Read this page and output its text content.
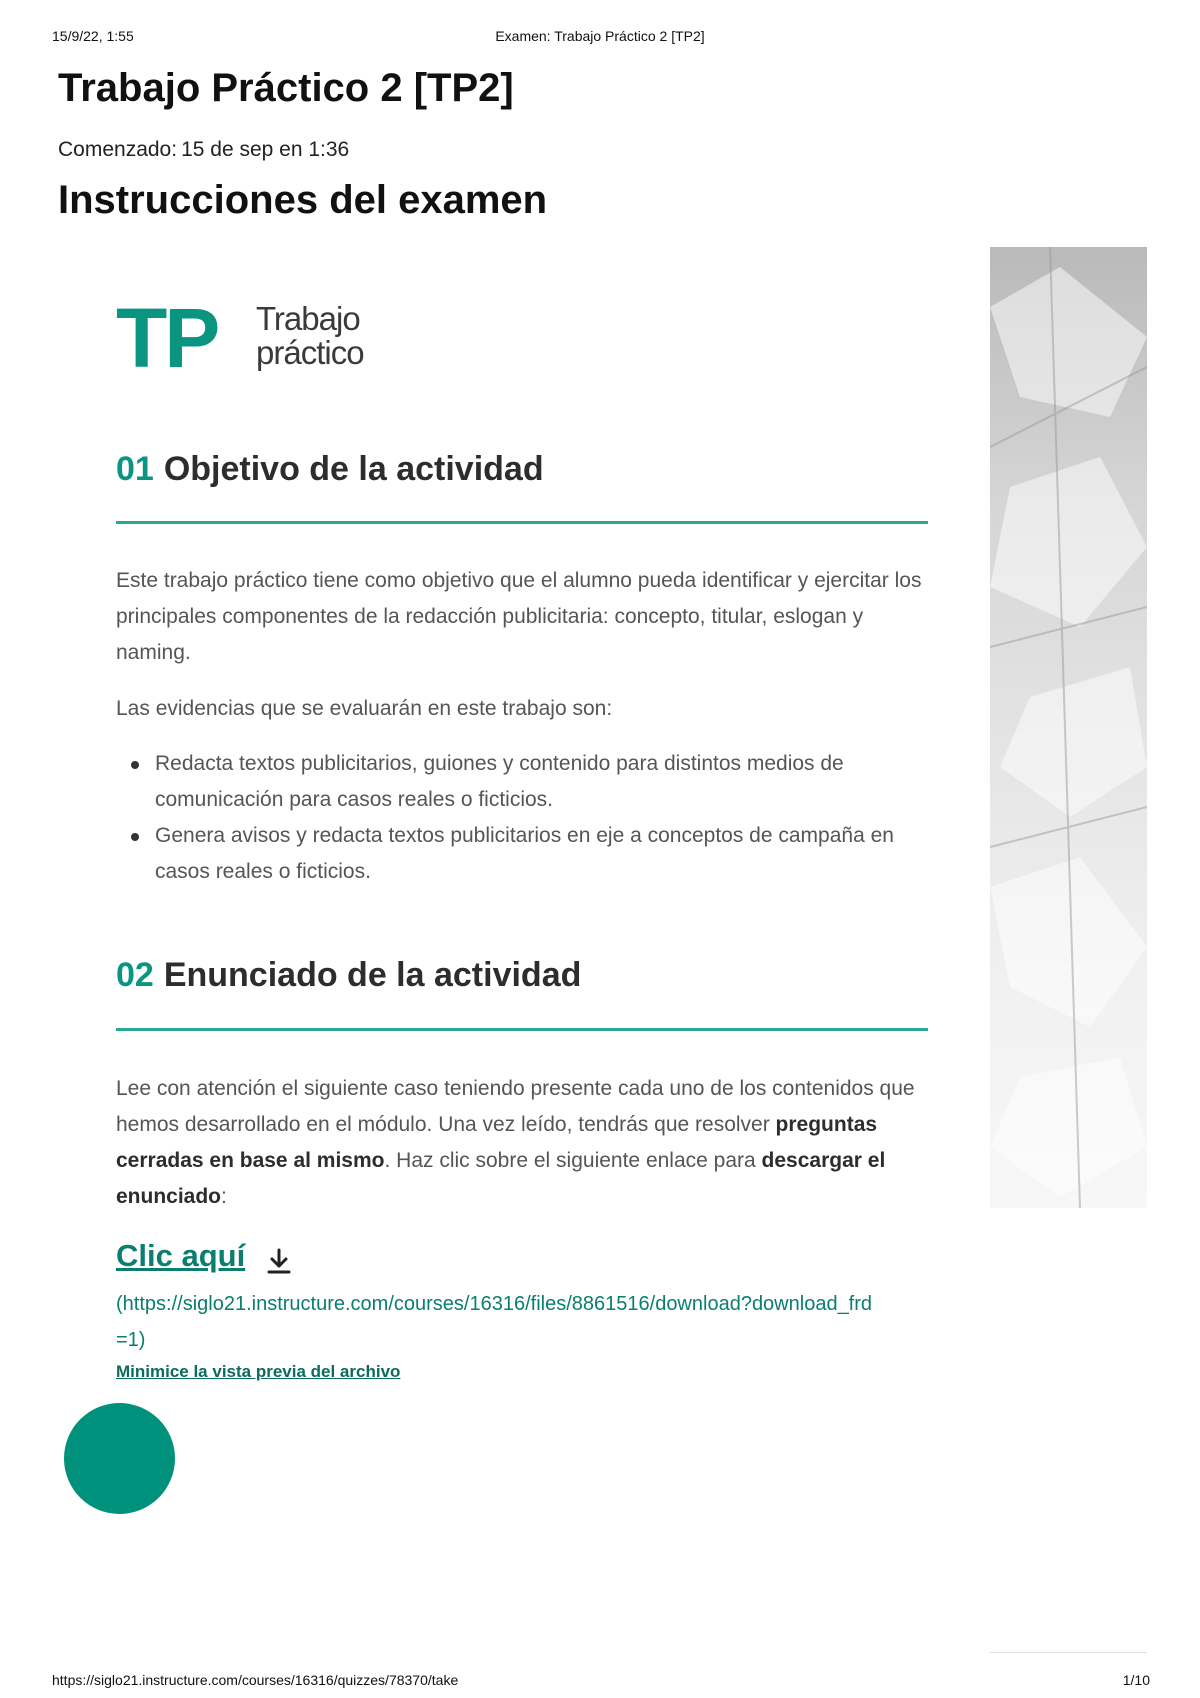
15/9/22, 1:55	Examen: Trabajo Práctico 2 [TP2]
Trabajo Práctico 2 [TP2]
Comenzado: 15 de sep en 1:36
Instrucciones del examen
TP Trabajo
práctico
01 Objetivo de la actividad

Este trabajo práctico tiene como objetivo que el alumno pueda identificar y ejercitar los principales componentes de la redacción publicitaria: concepto, titular, eslogan y naming.

Las evidencias que se evaluarán en este trabajo son:

Redacta textos publicitarios, guiones y contenido para distintos medios de comunicación para casos reales o ficticios.
Genera avisos y redacta textos publicitarios en eje a conceptos de campaña en casos reales o ficticios.
02 Enunciado de la actividad

Lee con atención el siguiente caso teniendo presente cada uno de los contenidos que hemos desarrollado en el módulo. Una vez leído, tendrás que resolver preguntas cerradas en base al mismo. Haz clic sobre el siguiente enlace para descargar el enunciado:

Clic aquí
(https://siglo21.instructure.com/courses/16316/files/8861516/download?download_frd=1)
Minimice la vista previa del archivo
https://siglo21.instructure.com/courses/16316/quizzes/78370/take	1/10
